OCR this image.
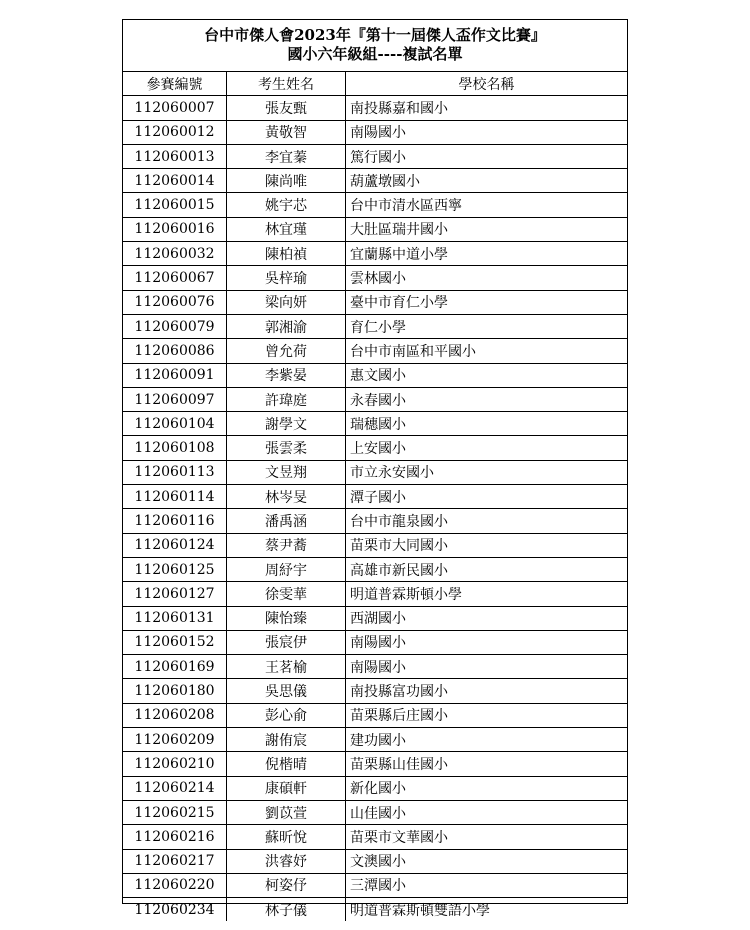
台中市傑人會2023年『第十一屆傑人盃作文比賽』
國小六年級組----複試名單
參賽編號	考生姓名	學校名稱
112060007	張友甄	南投縣嘉和國小
112060012	黃敬智	南陽國小
112060013	李宜蓁	篤行國小
112060014	陳尚唯	葫蘆墩國小
112060015	姚宇芯	台中市清水區西寧
112060016	林宜瑾	大肚區瑞井國小
112060032	陳柏禎	宜蘭縣中道小學
112060067	吳梓瑜	雲林國小
112060076	梁向妍	臺中市育仁小學
112060079	郭湘渝	育仁小學
112060086	曾允荷	台中市南區和平國小
112060091	李紫晏	惠文國小
112060097	許瑋庭	永春國小
112060104	謝學文	瑞穗國小
112060108	張雲柔	上安國小
112060113	文昱翔	市立永安國小
112060114	林岑旻	潭子國小
112060116	潘禹涵	台中市龍泉國小
112060124	蔡尹蕎	苗栗市大同國小
112060125	周紓宇	高雄市新民國小
112060127	徐雯華	明道普霖斯頓小學
112060131	陳怡臻	西湖國小
112060152	張宸伊	南陽國小
112060169	王茗榆	南陽國小
112060180	吳思儀	南投縣富功國小
112060208	彭心俞	苗栗縣后庄國小
112060209	謝侑宸	建功國小
112060210	倪楷晴	苗栗縣山佳國小
112060214	康碩軒	新化國小
112060215	劉苡萱	山佳國小
112060216	蘇昕悅	苗栗市文華國小
112060217	洪睿妤	文澳國小
112060220	柯姿伃	三潭國小
112060234	林子儀	明道普霖斯頓雙語小學
